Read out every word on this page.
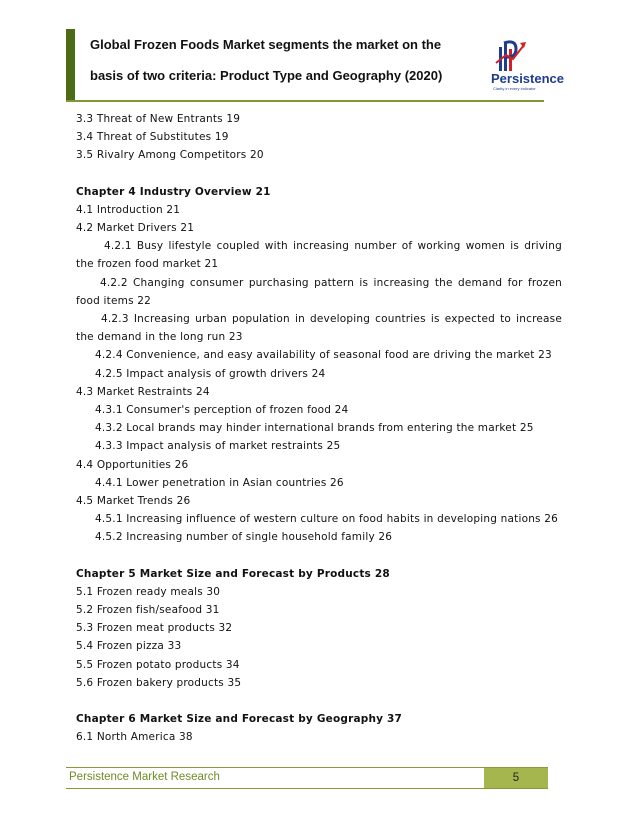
Global Frozen Foods Market segments the market on the
basis of two criteria: Product Type and Geography (2020)	Persistence
Clarity in every indicator
3.3 Threat of New Entrants 19
3.4 Threat of Substitutes 19
3.5 Rivalry Among Competitors 20
Chapter 4 Industry Overview 21
4.1 Introduction 21
4.2 Market Drivers 21
4.2.1 Busy lifestyle coupled with increasing number of working women is driving the frozen food market 21
4.2.2 Changing consumer purchasing pattern is increasing the demand for frozen food items 22
4.2.3 Increasing urban population in developing countries is expected to increase the demand in the long run 23
4.2.4 Convenience, and easy availability of seasonal food are driving the market 23
4.2.5 Impact analysis of growth drivers 24
4.3 Market Restraints 24
4.3.1 Consumer's perception of frozen food 24
4.3.2 Local brands may hinder international brands from entering the market 25
4.3.3 Impact analysis of market restraints 25
4.4 Opportunities 26
4.4.1 Lower penetration in Asian countries 26
4.5 Market Trends 26
4.5.1 Increasing influence of western culture on food habits in developing nations 26
4.5.2 Increasing number of single household family 26
Chapter 5 Market Size and Forecast by Products 28
5.1 Frozen ready meals 30
5.2 Frozen fish/seafood 31
5.3 Frozen meat products 32
5.4 Frozen pizza 33
5.5 Frozen potato products 34
5.6 Frozen bakery products 35
Chapter 6 Market Size and Forecast by Geography 37
6.1 North America 38
Persistence Market Research	5
